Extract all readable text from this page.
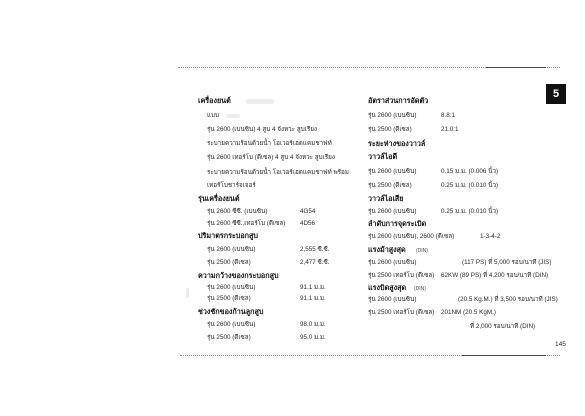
5
เครื่องยนต์
แบบ
รุ่น 2600 (เบนซิน) 4 สูบ 4 จังหวะ สูบเรียง
ระบายความร้อนด้วยน้ำ โอเวอร์เฮดแคมชาฟท์
รุ่น 2600 เทอร์โบ (ดีเซล) 4 สูบ 4 จังหวะ สูบเรียง
ระบายความร้อนด้วยน้ำ โอเวอร์เฮดแคมชาฟท์ พร้อม
เทอร์โบชาร์จเจอร์
รุ่นเครื่องยนต์
รุ่น 2600 ซีซี. (เบนซิน)	4G54
รุ่น 2600 ซีซี.,เทอร์โบ (ดีเซล) 4D56
ปริมาตรกระบอกสูบ
รุ่น 2600 (เบนซิน)	2,555 ซี.ซี.
รุ่น 2500 (ดีเซล)	2,477 ซี.ซี.
ความกว้างของกระบอกสูบ
รุ่น 2600 (เบนซิน)	91.1 ม.ม.
รุ่น 2500 (ดีเซล)	91.1 ม.ม.
ช่วงชักของก้านลูกสูบ
รุ่น 2600 (เบนซิน)	98.0 ม.ม.
รุ่น 2500 (ดีเซล)	95.0 ม.ม.
อัตราส่วนการอัดตัว
รุ่น 2600 (เบนซิน)	8.8:1
รุ่น 2500 (ดีเซล)	21.0:1
ระยะห่างของวาวล์
วาวล์ไอดี
รุ่น 2600 (เบนซิน)	0.15 ม.ม. (0.006 นิ้ว)
รุ่น 2500 (ดีเซล)	0.25 ม.ม. (0.010 นิ้ว)
วาวล์ไอเสีย
รุ่น 2600 (เบนซิน)	0.25 ม.ม. (0.010 นิ้ว)
ลำดับการจุดระเบิด
รุ่น 2600 (เบนซิน), 2600 (ดีเซล)	1-3-4-2
แรงม้าสูงสุด (DIN)
รุ่น 2600 (เบนซิน)	(117 PS) ที่ 5,000 รอบ/นาที (JIS)
รุ่น 2500 เทอร์โบ (ดีเซล) 62KW (89 PS) ที่ 4,200 รอบ/นาที (DIN)
แรงบิดสูงสุด (DIN)
รุ่น 2600 (เบนซิน)	(20.5 Kg.M.) ที่ 3,500 รอบ/นาที (JIS)
รุ่น 2500 เทอร์โบ (ดีเซล) 201NM (20.5 KgM.)
ที่ 2,000 รอบ/นาที (DIN)
145
